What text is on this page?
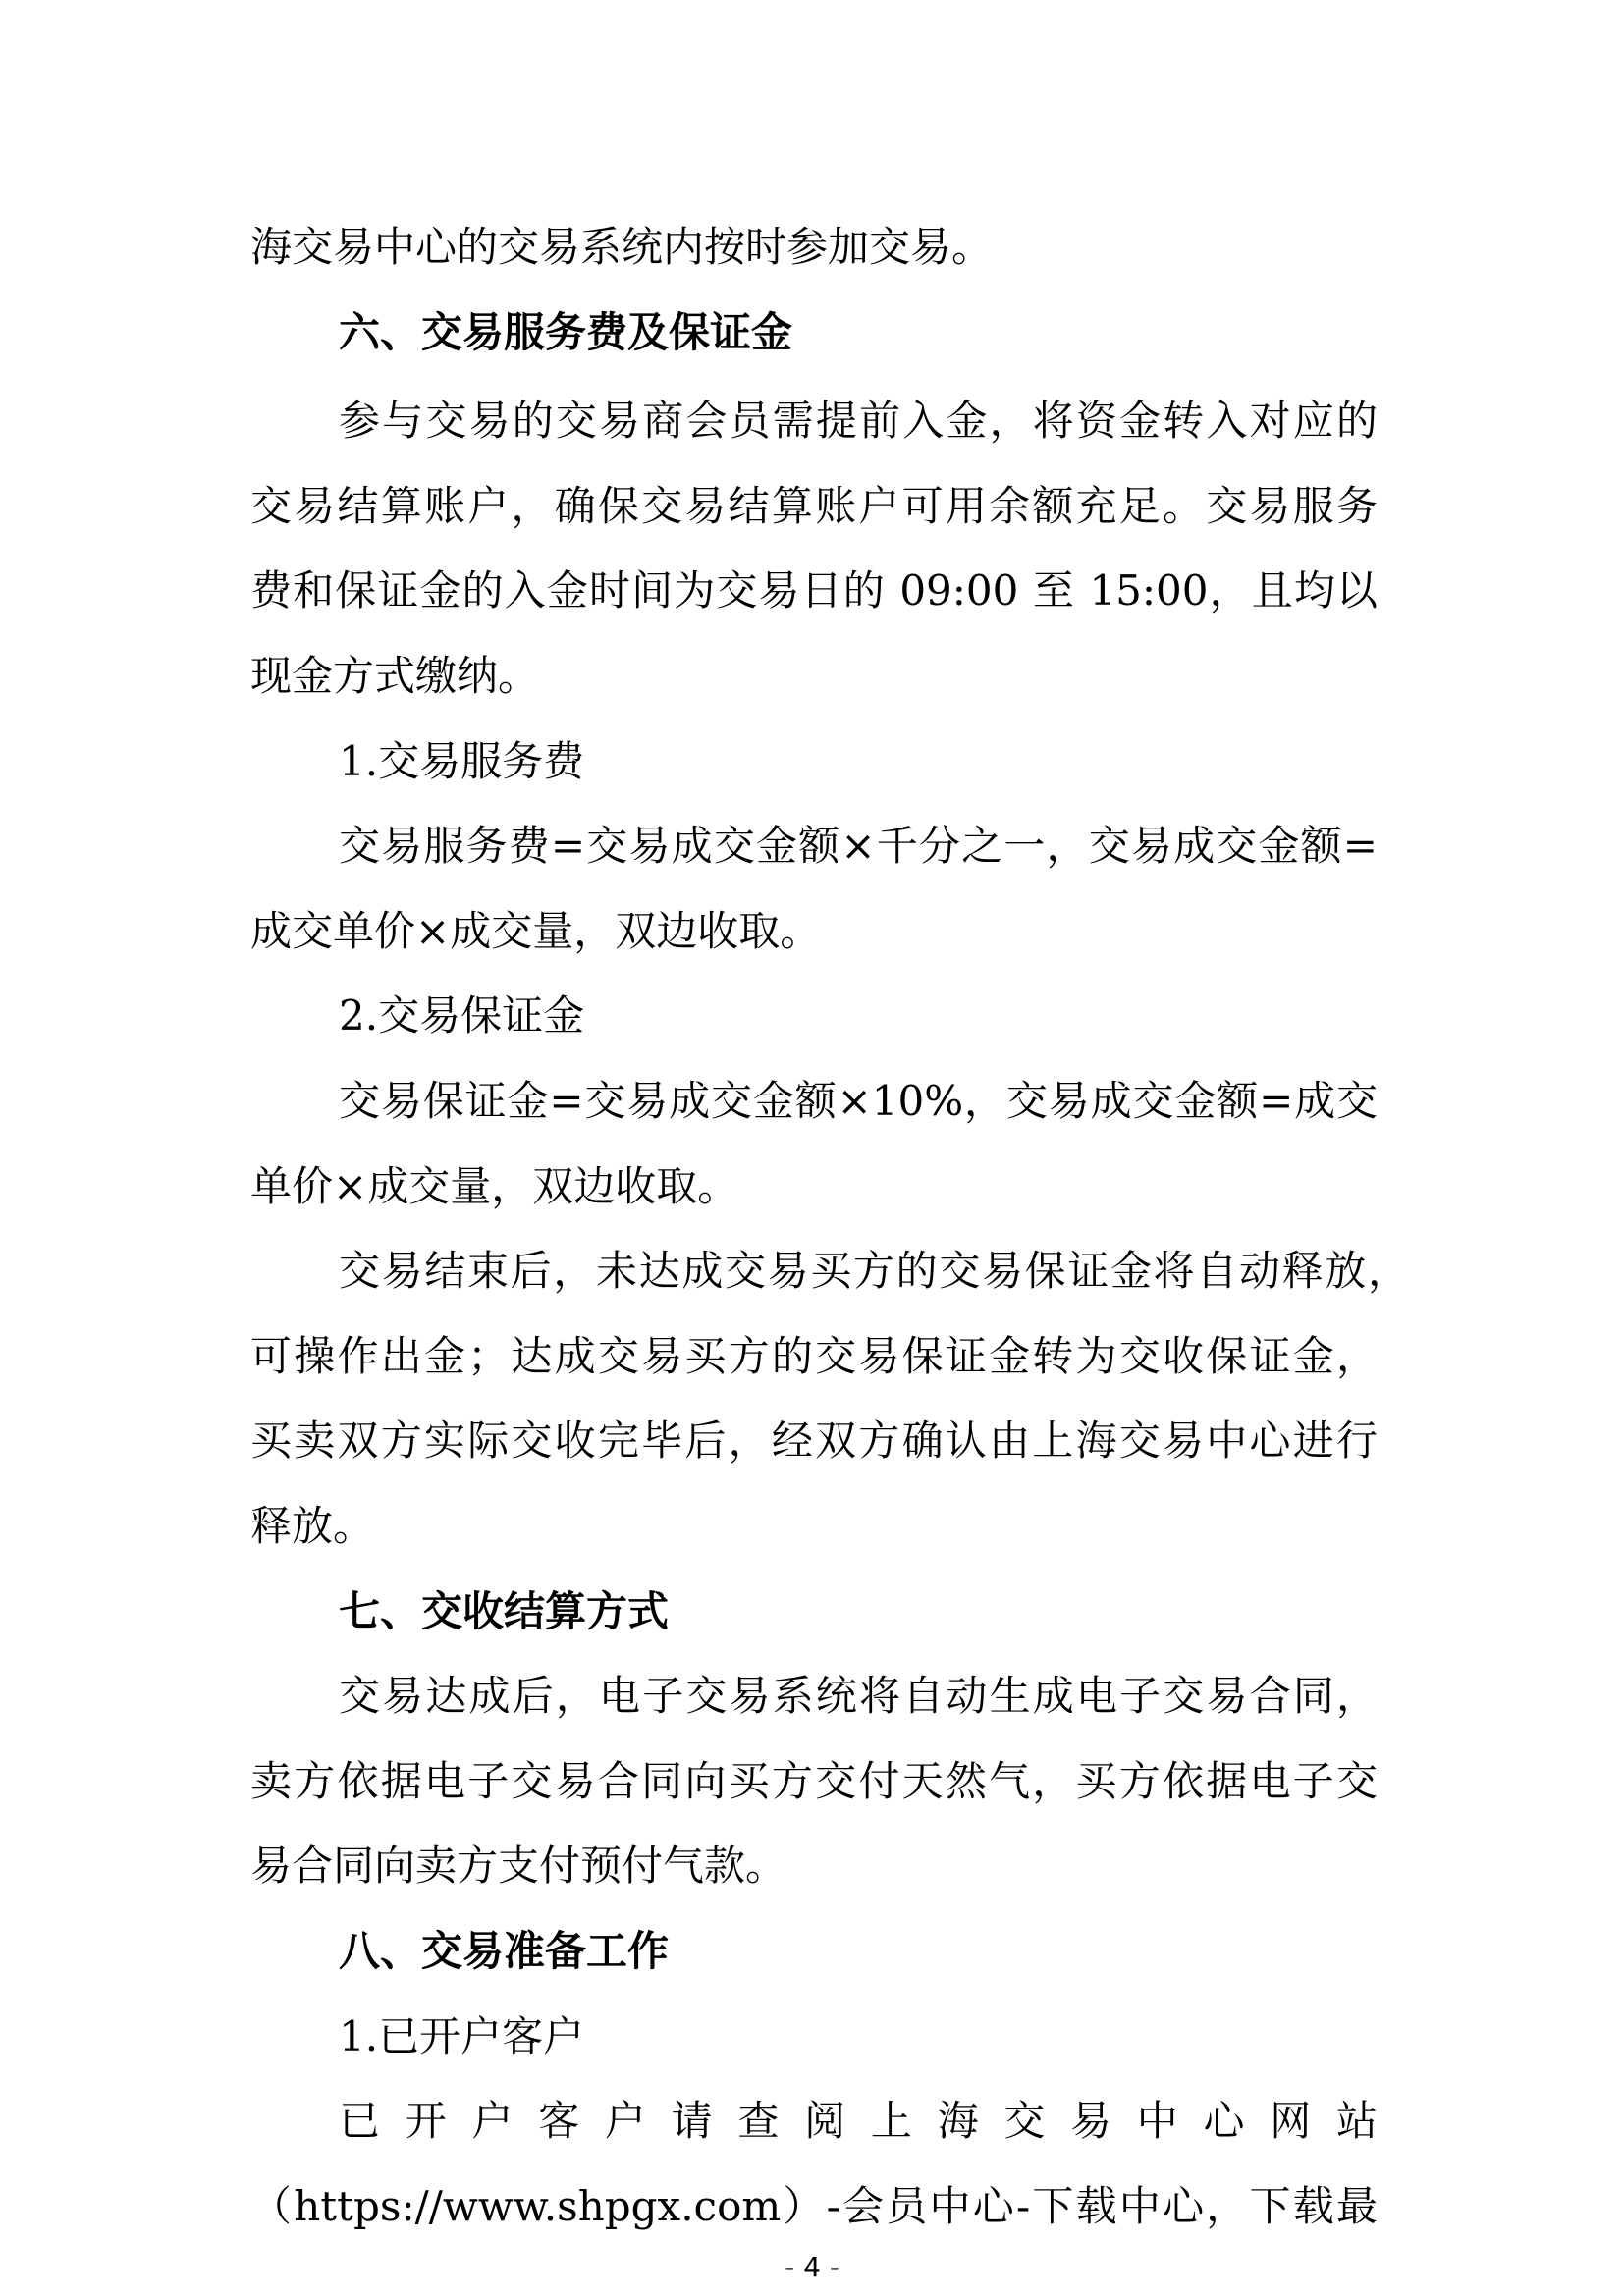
海交易中心的交易系统内按时参加交易。
六、交易服务费及保证金
参与交易的交易商会员需提前入金，将资金转入对应的
交易结算账户，确保交易结算账户可用余额充足。交易服务
费和保证金的入金时间为交易日的 09:00 至 15:00，且均以
现金方式缴纳。
1.交易服务费
交易服务费=交易成交金额×千分之一，交易成交金额=
成交单价×成交量，双边收取。
2.交易保证金
交易保证金=交易成交金额×10%，交易成交金额=成交
单价×成交量，双边收取。
交易结束后，未达成交易买方的交易保证金将自动释放，
可操作出金；达成交易买方的交易保证金转为交收保证金，
买卖双方实际交收完毕后，经双方确认由上海交易中心进行
释放。
七、交收结算方式
交易达成后，电子交易系统将自动生成电子交易合同，
卖方依据电子交易合同向买方交付天然气，买方依据电子交
易合同向卖方支付预付气款。
八、交易准备工作
1.已开户客户
已开户客户请查阅上海交易中心网站
（https://www.shpgx.com）-会员中心-下载中心，下载最
- 4 -
